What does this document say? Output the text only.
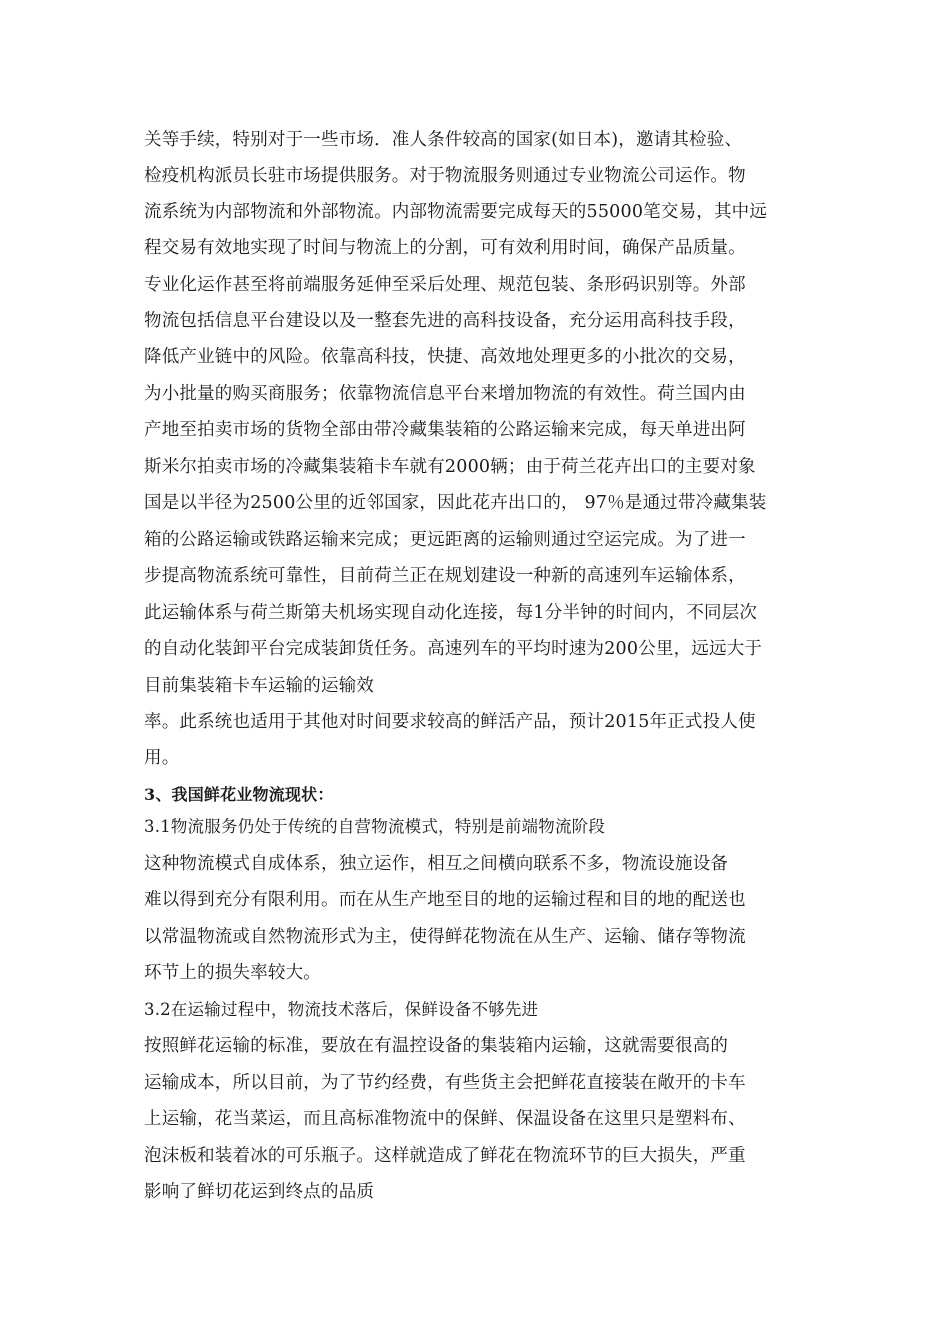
关等手续，特别对于一些市场．准人条件较高的国家(如日本)，邀请其检验、
检疫机构派员长驻市场提供服务。对于物流服务则通过专业物流公司运作。物
流系统为内部物流和外部物流。内部物流需要完成每天的55000笔交易，其中远
程交易有效地实现了时间与物流上的分割，可有效利用时间，确保产品质量。
专业化运作甚至将前端服务延伸至采后处理、规范包装、条形码识别等。外部
物流包括信息平台建设以及一整套先进的高科技设备，充分运用高科技手段，
降低产业链中的风险。依靠高科技，快捷、高效地处理更多的小批次的交易，
为小批量的购买商服务；依靠物流信息平台来增加物流的有效性。荷兰国内由
产地至拍卖市场的货物全部由带冷藏集装箱的公路运输来完成，每天单进出阿
斯米尔拍卖市场的冷藏集装箱卡车就有2000辆；由于荷兰花卉出口的主要对象
国是以半径为2500公里的近邻国家，因此花卉出口的， 97％是通过带冷藏集装
箱的公路运输或铁路运输来完成；更远距离的运输则通过空运完成。为了进一
步提高物流系统可靠性，目前荷兰正在规划建设一种新的高速列车运输体系，
此运输体系与荷兰斯第夫机场实现自动化连接，每1分半钟的时间内，不同层次
的自动化装卸平台完成装卸货任务。高速列车的平均时速为200公里，远远大于
目前集装箱卡车运输的运输效
率。此系统也适用于其他对时间要求较高的鲜活产品，预计2015年正式投人使
用。
3、我国鲜花业物流现状：
3.1物流服务仍处于传统的自营物流模式，特别是前端物流阶段
这种物流模式自成体系，独立运作，相互之间横向联系不多，物流设施设备
难以得到充分有限利用。而在从生产地至目的地的运输过程和目的地的配送也
以常温物流或自然物流形式为主，使得鲜花物流在从生产、运输、储存等物流
环节上的损失率较大。
3.2在运输过程中，物流技术落后，保鲜设备不够先进
按照鲜花运输的标准，要放在有温控设备的集装箱内运输，这就需要很高的
运输成本，所以目前，为了节约经费，有些货主会把鲜花直接装在敞开的卡车
上运输，花当菜运，而且高标准物流中的保鲜、保温设备在这里只是塑料布、
泡沫板和装着冰的可乐瓶子。这样就造成了鲜花在物流环节的巨大损失，严重
影响了鲜切花运到终点的品质
